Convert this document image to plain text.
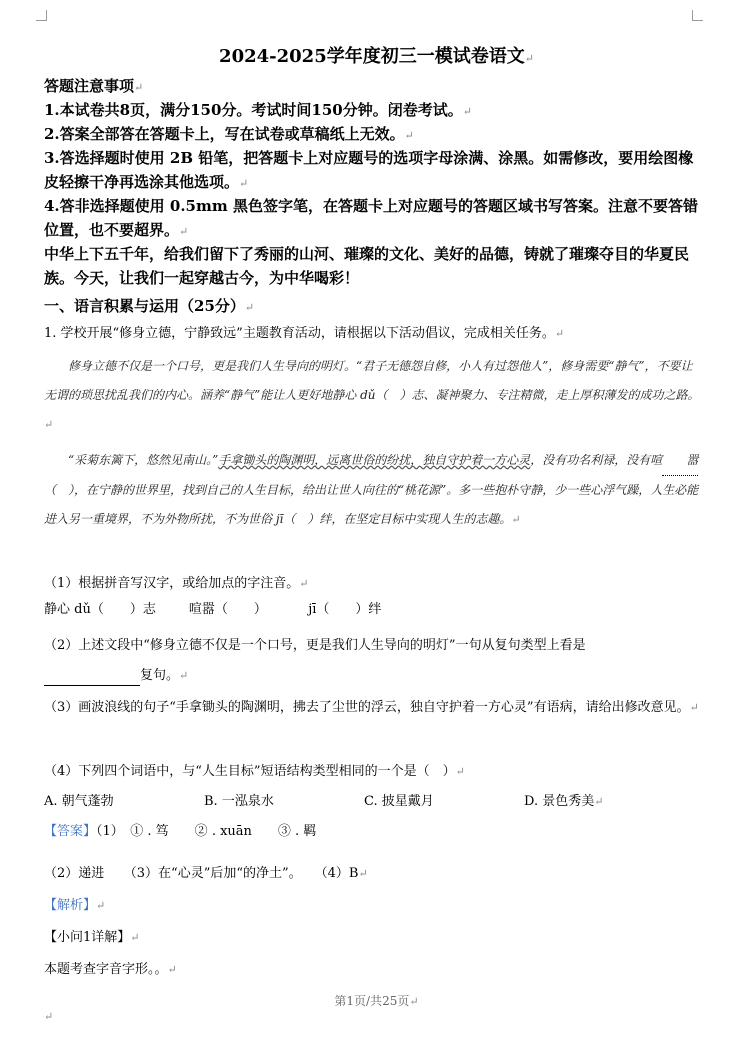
2024-2025学年度初三一模试卷语文↵
答题注意事项↵
1.本试卷共8页，满分150分。考试时间150分钟。闭卷考试。↵
2.答案全部答在答题卡上，写在试卷或草稿纸上无效。↵
3.答选择题时使用 2B 铅笔，把答题卡上对应题号的选项字母涂满、涂黑。如需修改，要用绘图橡皮轻擦干净再选涂其他选项。↵
4.答非选择题使用 0.5mm 黑色签字笔，在答题卡上对应题号的答题区域书写答案。注意不要答错位置，也不要超界。↵
中华上下五千年，给我们留下了秀丽的山河、璀璨的文化、美好的品德，铸就了璀璨夺目的华夏民族。今天，让我们一起穿越古今，为中华喝彩！
一、语言积累与运用（25分）↵
1. 学校开展“修身立德，宁静致远”主题教育活动，请根据以下活动倡议，完成相关任务。↵
修身立德不仅是一个口号，更是我们人生导向的明灯。“君子无德怨自修，小人有过怨他人”，修身需要“静气”，不要让无谓的琐思扰乱我们的内心。涵养“静气”能让人更好地静心 dǔ（　）志、凝神聚力、专注精微，走上厚积薄发的成功之路。↵
“采菊东篱下，悠然见南山。”手拿锄头的陶渊明，远离世俗的纷扰，独自守护着一方心灵，没有功名利禄，没有喧 嚣（　），在宁静的世界里，找到自己的人生目标，给出让世人向往的“桃花源”。多一些抱朴守静，少一些心浮气躁，人生必能进入另一重境界，不为外物所扰，不为世俗 jī（　）绊，在坚定目标中实现人生的志趣。↵
（1）根据拼音写汉字，或给加点的字注音。↵
静心 dǔ（　　）志	喧嚣（　　）	jī（　　）绊
（2）上述文段中“修身立德不仅是一个口号，更是我们人生导向的明灯”一句从复句类型上看是
复句。↵
（3）画波浪线的句子“手拿锄头的陶渊明，拂去了尘世的浮云，独自守护着一方心灵”有语病，请给出修改意见。↵
（4）下列四个词语中，与“人生目标”短语结构类型相同的一个是（　）↵
A. 朝气蓬勃	B. 一泓泉水	C. 披星戴月	D. 景色秀美↵
【答案】（1）　① . 笃　　② . xuān　　③ . 羁
（2）递进　　（3）在“心灵”后加“的净土”。　　（4）B↵
【解析】↵
【小问1详解】↵
本题考查字音字形。。↵
第1页/共25页↵
↵
